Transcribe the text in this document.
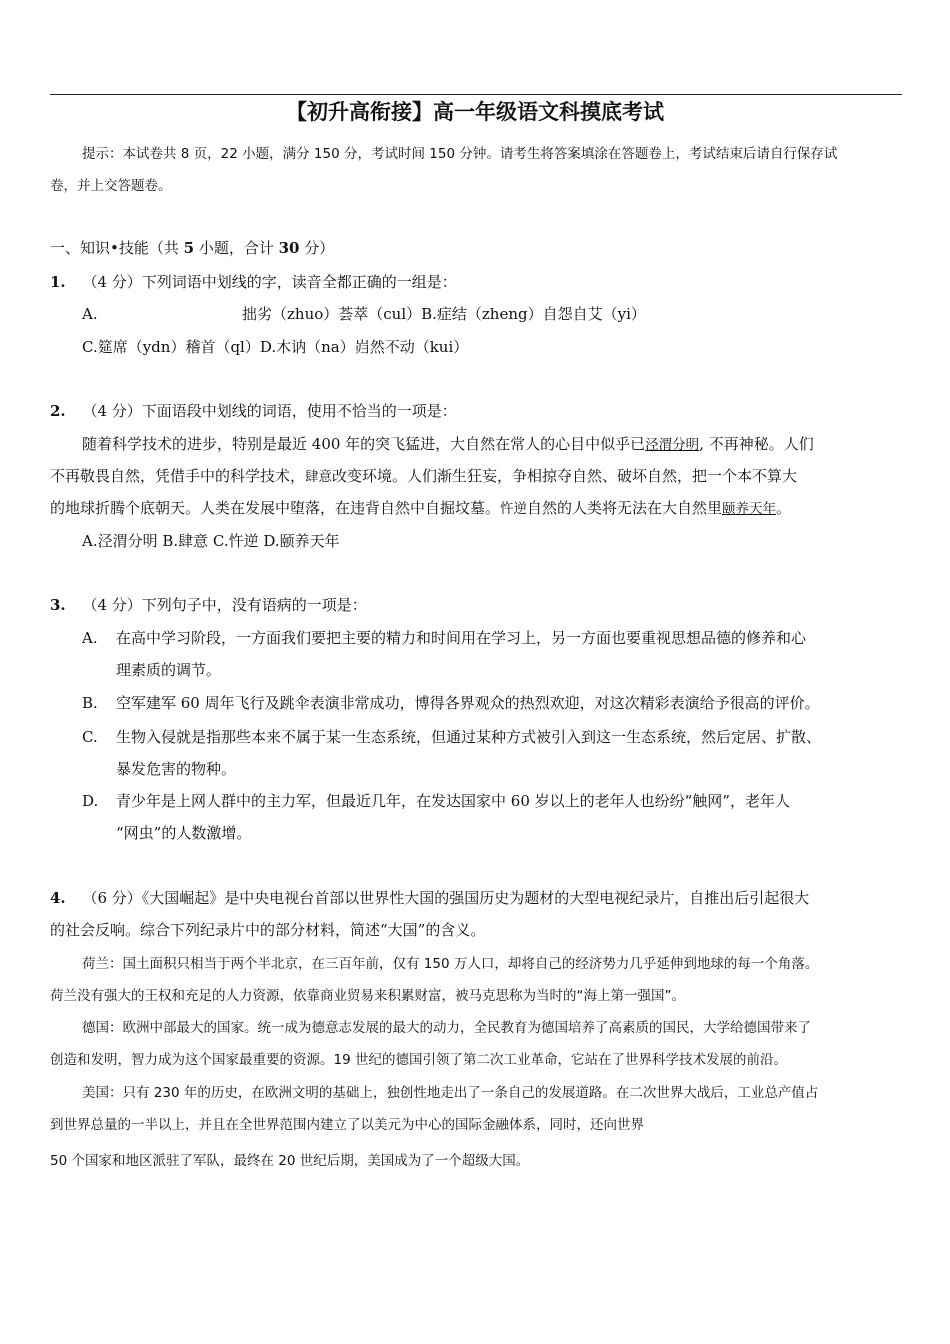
【初升高衔接】高一年级语文科摸底考试
提示：本试卷共 8 页，22 小题，满分 150 分，考试时间 150 分钟。请考生将答案填涂在答题卷上，考试结束后请自行保存试
卷，并上交答题卷。
一、知识•技能（共 5 小题，合计 30 分）
1. （4 分）下列词语中划线的字，读音全都正确的一组是：
A.	拙劣（zhuo）荟萃（cul）B.症结（zheng）自怨自艾（yi）
C.筵席（ydn）稽首（ql）D.木讷（na）岿然不动（kui）
2. （4 分）下面语段中划线的词语，使用不恰当的一项是：
随着科学技术的进步，特别是最近 400 年的突飞猛进，大自然在常人的心目中似乎已泾渭分明, 不再神秘。人们
不再敬畏自然，凭借手中的科学技术，肆意改变环境。人们渐生狂妄，争相掠夺自然、破坏自然，把一个本不算大
的地球折腾个底朝天。人类在发展中堕落，在违背自然中自掘坟墓。忤逆自然的人类将无法在大自然里颐养天年。
A.泾渭分明 B.肆意 C.忤逆 D.颐养天年
3. （4 分）下列句子中，没有语病的一项是：
A. 在高中学习阶段，一方面我们要把主要的精力和时间用在学习上，另一方面也要重视思想品德的修养和心
理素质的调节。
B. 空军建军 60 周年飞行及跳伞表演非常成功，博得各界观众的热烈欢迎，对这次精彩表演给予很高的评价。
C. 生物入侵就是指那些本来不属于某一生态系统，但通过某种方式被引入到这一生态系统，然后定居、扩散、
暴发危害的物种。
D. 青少年是上网人群中的主力军，但最近几年，在发达国家中 60 岁以上的老年人也纷纷“触网”，老年人
“网虫”的人数激增。
4. （6 分）《大国崛起》是中央电视台首部以世界性大国的强国历史为题材的大型电视纪录片，自推出后引起很大
的社会反响。综合下列纪录片中的部分材料，简述“大国”的含义。
荷兰：国土面积只相当于两个半北京，在三百年前，仅有 150 万人口，却将自己的经济势力几乎延伸到地球的每一个角落。
荷兰没有强大的王权和充足的人力资源，依靠商业贸易来积累财富，被马克思称为当时的“海上第一强国”。
德国：欧洲中部最大的国家。统一成为德意志发展的最大的动力，全民教育为德国培养了高素质的国民，大学给德国带来了
创造和发明，智力成为这个国家最重要的资源。19 世纪的德国引领了第二次工业革命，它站在了世界科学技术发展的前沿。
美国：只有 230 年的历史，在欧洲文明的基础上，独创性地走出了一条自己的发展道路。在二次世界大战后，工业总产值占
到世界总量的一半以上，并且在全世界范围内建立了以美元为中心的国际金融体系，同时，还向世界
50 个国家和地区派驻了军队，最终在 20 世纪后期，美国成为了一个超级大国。
